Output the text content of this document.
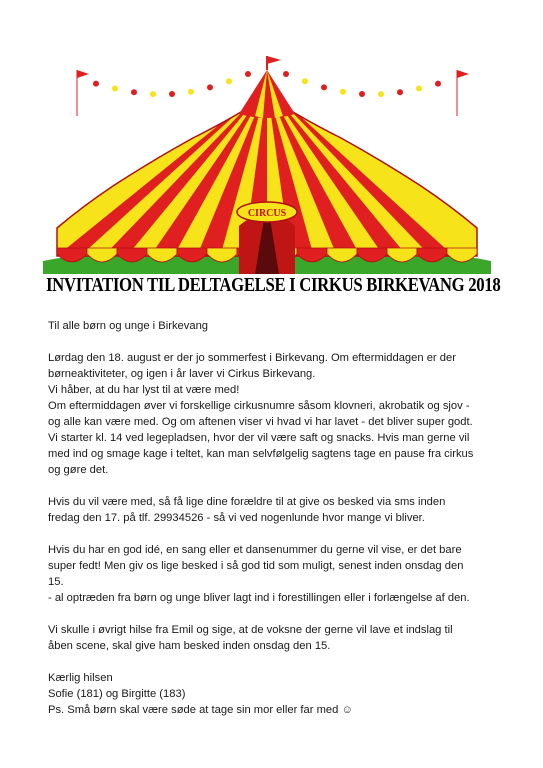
CIRCUS
INVITATION TIL DELTAGELSE I CIRKUS BIRKEVANG 2018

Til alle børn og unge i Birkevang

Lørdag den 18. august er der jo sommerfest i Birkevang. Om eftermiddagen er der
børneaktiviteter, og igen i år laver vi Cirkus Birkevang.
Vi håber, at du har lyst til at være med!
Om eftermiddagen øver vi forskellige cirkusnumre såsom klovneri, akrobatik og sjov -
og alle kan være med. Og om aftenen viser vi hvad vi har lavet - det bliver super godt.
Vi starter kl. 14 ved legepladsen, hvor der vil være saft og snacks. Hvis man gerne vil
med ind og smage kage i teltet, kan man selvfølgelig sagtens tage en pause fra cirkus
og gøre det.

Hvis du vil være med, så få lige dine forældre til at give os besked via sms inden
fredag den 17. på tlf. 29934526 - så vi ved nogenlunde hvor mange vi bliver.

Hvis du har en god idé, en sang eller et dansenummer du gerne vil vise, er det bare
super fedt! Men giv os lige besked i så god tid som muligt, senest inden onsdag den
15.
- al optræden fra børn og unge bliver lagt ind i forestillingen eller i forlængelse af den.

Vi skulle i øvrigt hilse fra Emil og sige, at de voksne der gerne vil lave et indslag til
åben scene, skal give ham besked inden onsdag den 15.

Kærlig hilsen
Sofie (181) og Birgitte (183)
Ps. Små børn skal være søde at tage sin mor eller far med ☺
